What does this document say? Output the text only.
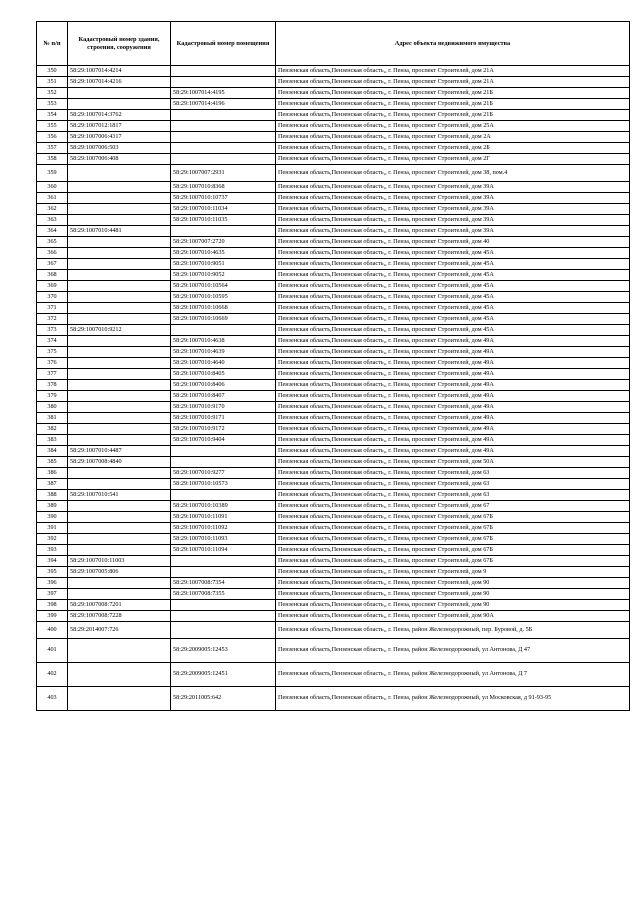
№ п/п	Кадастровый номер здания, строения, сооружения	Кадастровый номер помещения	Адрес объекта недвижимого имущества
350	58:29:1007014:4214		Пензенская область,Пензенская область,, г. Пенза, проспект Строителей, дом 21А
351	58:29:1007014:4216		Пензенская область,Пензенская область,, г. Пенза, проспект Строителей, дом 21А
352		58:29:1007014:4195	Пензенская область,Пензенская область,, г. Пенза, проспект Строителей, дом 21Б
353		58:29:1007014:4196	Пензенская область,Пензенская область,, г. Пенза, проспект Строителей, дом 21Б
354	58:29:1007014:3762		Пензенская область,Пензенская область,, г. Пенза, проспект Строителей, дом 21Б
355	58:29:1007012:1817		Пензенская область,Пензенская область,, г. Пенза, проспект Строителей, дом 25А
356	58:29:1007006:4317		Пензенская область,Пензенская область,, г. Пенза, проспект Строителей, дом 2А
357	58:29:1007006:503		Пензенская область,Пензенская область,, г. Пенза, проспект Строителей, дом 2Б
358	58:29:1007006:408		Пензенская область,Пензенская область,, г. Пенза, проспект Строителей, дом 2Г
359		58:29:1007007:2931	Пензенская область,Пензенская область,, г. Пенза, проспект Строителей, дом 38, пом.4
360		58:29:1007010:8368	Пензенская область,Пензенская область,, г. Пенза, проспект Строителей, дом 39А
361		58:29:1007010:10737	Пензенская область,Пензенская область,, г. Пенза, проспект Строителей, дом 39А
362		58:29:1007010:11034	Пензенская область,Пензенская область,, г. Пенза, проспект Строителей, дом 39А
363		58:29:1007010:11035	Пензенская область,Пензенская область,, г. Пенза, проспект Строителей, дом 39А
364	58:29:1007010:4481		Пензенская область,Пензенская область,, г. Пенза, проспект Строителей, дом 39А
365		58:29:1007007:2720	Пензенская область,Пензенская область,, г. Пенза, проспект Строителей, дом 40
366		58:29:1007010:4635	Пензенская область,Пензенская область,, г. Пенза, проспект Строителей, дом 45А
367		58:29:1007010:9051	Пензенская область,Пензенская область,, г. Пенза, проспект Строителей, дом 45А
368		58:29:1007010:9052	Пензенская область,Пензенская область,, г. Пенза, проспект Строителей, дом 45А
369		58:29:1007010:10564	Пензенская область,Пензенская область,, г. Пенза, проспект Строителей, дом 45А
370		58:29:1007010:10595	Пензенская область,Пензенская область,, г. Пенза, проспект Строителей, дом 45А
371		58:29:1007010:10668	Пензенская область,Пензенская область,, г. Пенза, проспект Строителей, дом 45А
372		58:29:1007010:10669	Пензенская область,Пензенская область,, г. Пенза, проспект Строителей, дом 45А
373	58:29:1007010:9212		Пензенская область,Пензенская область,, г. Пенза, проспект Строителей, дом 45А
374		58:29:1007010:4638	Пензенская область,Пензенская область,, г. Пенза, проспект Строителей, дом 49А
375		58:29:1007010:4639	Пензенская область,Пензенская область,, г. Пенза, проспект Строителей, дом 49А
376		58:29:1007010:4640	Пензенская область,Пензенская область,, г. Пенза, проспект Строителей, дом 49А
377		58:29:1007010:8405	Пензенская область,Пензенская область,, г. Пенза, проспект Строителей, дом 49А
378		58:29:1007010:8406	Пензенская область,Пензенская область,, г. Пенза, проспект Строителей, дом 49А
379		58:29:1007010:8407	Пензенская область,Пензенская область,, г. Пенза, проспект Строителей, дом 49А
380		58:29:1007010:9170	Пензенская область,Пензенская область,, г. Пенза, проспект Строителей, дом 49А
381		58:29:1007010:9171	Пензенская область,Пензенская область,, г. Пенза, проспект Строителей, дом 49А
382		58:29:1007010:9172	Пензенская область,Пензенская область,, г. Пенза, проспект Строителей, дом 49А
383		58:29:1007010:9404	Пензенская область,Пензенская область,, г. Пенза, проспект Строителей, дом 49А
384	58:29:1007010:4487		Пензенская область,Пензенская область,, г. Пенза, проспект Строителей, дом 49А
385	58:29:1007008:4840		Пензенская область,Пензенская область,, г. Пенза, проспект Строителей, дом 50А
386		58:29:1007010:9277	Пензенская область,Пензенская область,, г. Пенза, проспект Строителей, дом 63
387		58:29:1007010:10573	Пензенская область,Пензенская область,, г. Пенза, проспект Строителей, дом 63
388	58:29:1007010:541		Пензенская область,Пензенская область,, г. Пенза, проспект Строителей, дом 63
389		58:29:1007010:10389	Пензенская область,Пензенская область,, г. Пенза, проспект Строителей, дом 67
390		58:29:1007010:11091	Пензенская область,Пензенская область,, г. Пенза, проспект Строителей, дом 67Б
391		58:29:1007010:11092	Пензенская область,Пензенская область,, г. Пенза, проспект Строителей, дом 67Б
392		58:29:1007010:11093	Пензенская область,Пензенская область,, г. Пенза, проспект Строителей, дом 67Б
393		58:29:1007010:11094	Пензенская область,Пензенская область,, г. Пенза, проспект Строителей, дом 67Б
394	58:29:1007010:11003		Пензенская область,Пензенская область,, г. Пенза, проспект Строителей, дом 67Б
395	58:29:1007005:806		Пензенская область,Пензенская область,, г. Пенза, проспект Строителей, дом 9
396		58:29:1007008:7354	Пензенская область,Пензенская область,, г. Пенза, проспект Строителей, дом 90
397		58:29:1007008:7355	Пензенская область,Пензенская область,, г. Пенза, проспект Строителей, дом 90
398	58:29:1007008:7201		Пензенская область,Пензенская область,, г. Пенза, проспект Строителей, дом 90
399	58:29:1007008:7228		Пензенская область,Пензенская область,, г. Пенза, проспект Строителей, дом 90А
400	58:29:2014007:726		Пензенская область,Пензенская область,, г. Пенза, район Железнодорожный, пер. Буровой, д. 5Б
401		58:29:2009005:12453	Пензенская область,Пензенская область,, г. Пенза, район Железнодорожный, ул Антонова, Д 47
402		58:29:2009005:12451	Пензенская область,Пензенская область,, г. Пенза, район Железнодорожный, ул Антонова, Д 7
403		58:29:2011005:642	Пензенская область,Пензенская область,, г. Пенза, район Железнодорожный, ул Московская, д 91-93-95
